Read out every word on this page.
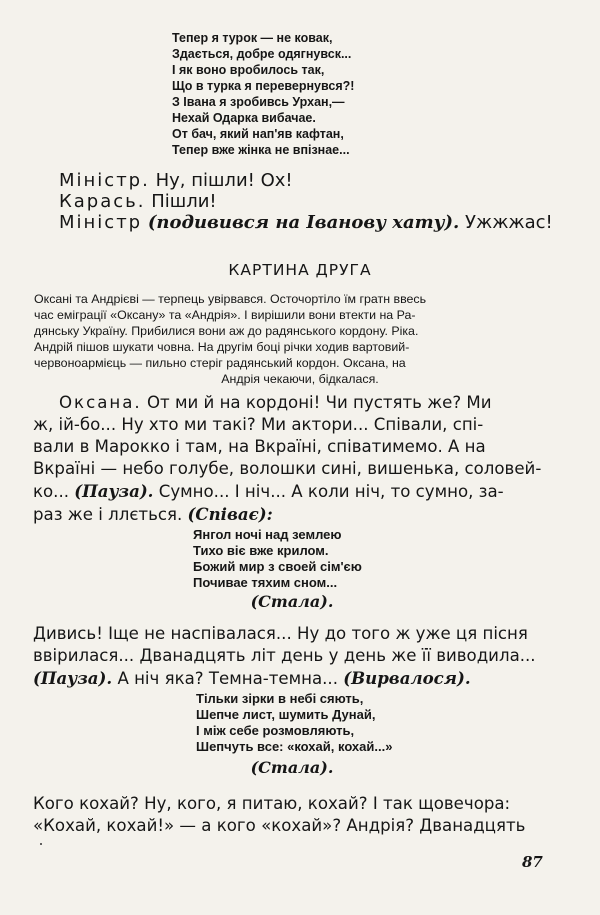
Тепер я турок — не ковак,
Здається, добре одягнувск...
І як воно вробилось так,
Що в турка я перевернувся?!
З Івана я зробивсь Урхан,—
Нехай Одарка вибачае.
От бач, який нап'яв кафтан,
Тепер вже жінка не впізнае...
Міністр. Ну, пішли! Ох!
Карась. Пішли!
Міністр (подивився на Іванову хату). Ужжжас!
КАРТИНА ДРУГА
Оксані та Андрієві — терпець увірвався. Осточортіло їм гратн ввесь
час еміграції «Оксану» та «Андрія». І вирішили вони втекти на Ра-
дянську Україну. Прибилися вони аж до радянського кордону. Ріка.
Андрій пішов шукати човна. На другім боці річки ходив вартовий-
червоноармієць — пильно стеріг радянський кордон. Оксана, на
Андрія чекаючи, бідкалася.
Оксана. От ми й на кордоні! Чи пустять же? Ми
ж, ій-бо... Ну хто ми такі? Ми актори... Співали, спі-
вали в Марокко і там, на Вкраїні, співатимемо. А на
Вкраїні — небо голубе, волошки сині, вишенька, соловей-
ко... (Пауза). Сумно... І ніч... А коли ніч, то сумно, за-
раз же і ллється. (Співає):
Янгол ночі над землею
Тихо віє вже крилом.
Божий мир з своей сім'єю
Почивае тяхим сном...
(Стала).
Дивись! Іще не наспівалася... Ну до того ж уже ця пісня
ввірилася... Дванадцять літ день у день же її виводила...
(Пауза). А ніч яка? Темна-темна... (Вирвалося).
Тільки зірки в небі сяють,
Шепче лист, шумить Дунай,
І між себе розмовляють,
Шепчуть все: «кохай, кохай...»
(Стала).
Кого кохай? Ну, кого, я питаю, кохай? І так щовечора:
«Кохай, кохай!» — а кого «кохай»? Андрія? Дванадцять
87
